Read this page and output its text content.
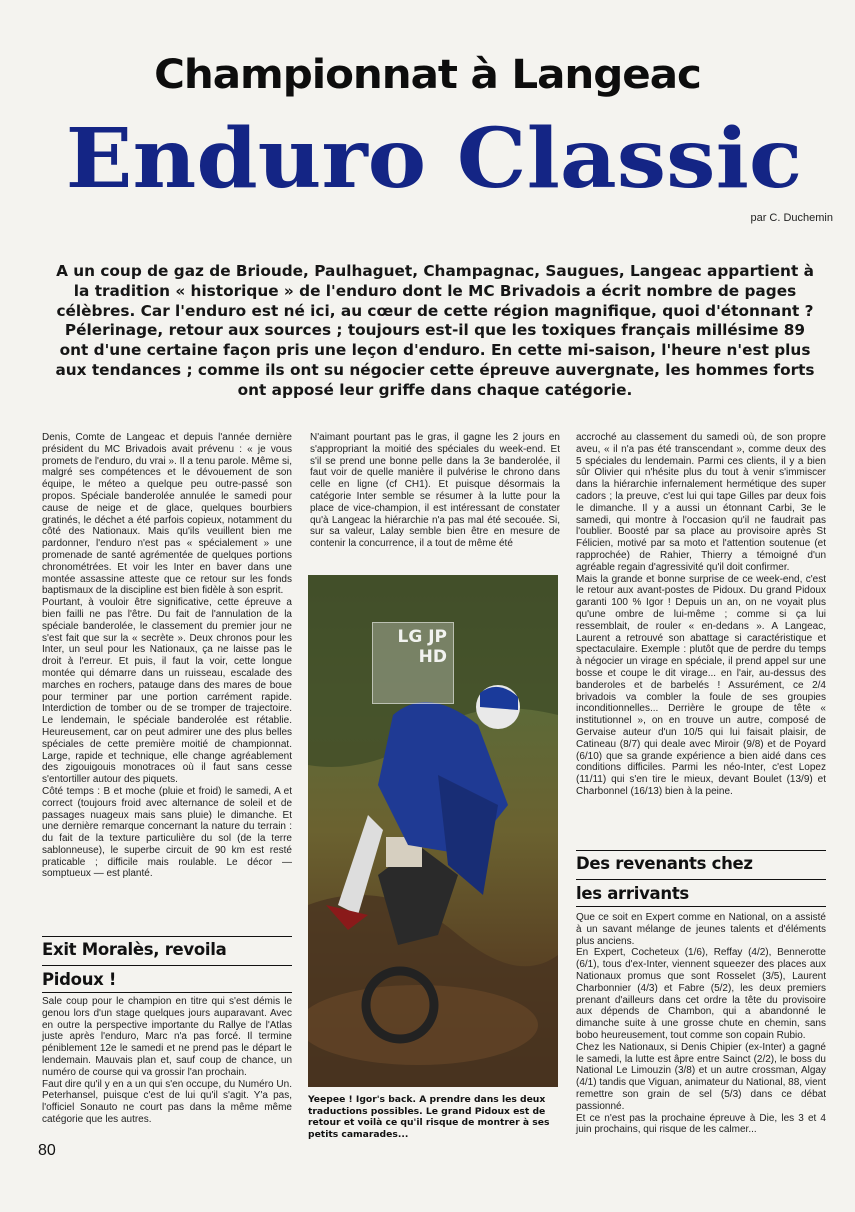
Championnat à Langeac
Enduro Classic
par C. Duchemin
A un coup de gaz de Brioude, Paulhaguet, Champagnac, Saugues, Langeac appartient à la tradition « historique » de l'enduro dont le MC Brivadois a écrit nombre de pages célèbres. Car l'enduro est né ici, au cœur de cette région magnifique, quoi d'étonnant ? Pélerinage, retour aux sources ; toujours est-il que les toxiques français millésime 89 ont d'une certaine façon pris une leçon d'enduro. En cette mi-saison, l'heure n'est plus aux tendances ; comme ils ont su négocier cette épreuve auvergnate, les hommes forts ont apposé leur griffe dans chaque catégorie.

Denis, Comte de Langeac et depuis l'année dernière président du MC Brivadois avait prévenu : « je vous promets de l'enduro, du vrai ». Il a tenu parole. Même si, malgré ses compétences et le dévouement de son équipe, le méteo a quelque peu outre-passé son propos. Spéciale banderolée annulée le samedi pour cause de neige et de glace, quelques bourbiers gratinés, le déchet a été parfois copieux, notamment du côté des Nationaux. Mais qu'ils veuillent bien me pardonner, l'enduro n'est pas « spécialement » une promenade de santé agrémentée de quelques portions chronométrées. Et voir les Inter en baver dans une montée assassine atteste que ce retour sur les fonds baptismaux de la discipline est bien fidèle à son esprit.

Pourtant, à vouloir être significative, cette épreuve a bien failli ne pas l'être. Du fait de l'annulation de la spéciale banderolée, le classement du premier jour ne s'est fait que sur la « secrète ». Deux chronos pour les Inter, un seul pour les Nationaux, ça ne laisse pas le droit à l'erreur. Et puis, il faut la voir, cette longue montée qui démarre dans un ruisseau, escalade des marches en rochers, patauge dans des mares de boue pour terminer par une portion carrément rapide. Interdiction de tomber ou de se tromper de trajectoire. Le lendemain, le spéciale banderolée est rétablie. Heureusement, car on peut admirer une des plus belles spéciales de cette première moitié de championnat. Large, rapide et technique, elle change agréablement des zigouigouis monotraces où il faut sans cesse s'entortiller autour des piquets.

Côté temps : B et moche (pluie et froid) le samedi, A et correct (toujours froid avec alternance de soleil et de passages nuageux mais sans pluie) le dimanche. Et une dernière remarque concernant la nature du terrain : du fait de la texture particulière du sol (de la terre sablonneuse), le superbe circuit de 90 km est resté praticable ; difficile mais roulable. Le décor — somptueux — est planté.

Exit Moralès, revoila
Pidoux !

Sale coup pour le champion en titre qui s'est démis le genou lors d'un stage quelques jours auparavant. Avec en outre la perspective importante du Rallye de l'Atlas juste après l'enduro, Marc n'a pas forcé. Il termine péniblement 12e le samedi et ne prend pas le départ le lendemain. Mauvais plan et, sauf coup de chance, un numéro de course qui va grossir l'an prochain.

Faut dire qu'il y en a un qui s'en occupe, du Numéro Un. Peterhansel, puisque c'est de lui qu'il s'agit. Y'a pas, l'officiel Sonauto ne court pas dans la même même catégorie que les autres.

N'aimant pourtant pas le gras, il gagne les 2 jours en s'appropriant la moitié des spéciales du week-end. Et s'il se prend une bonne pelle dans la 3e banderolée, il faut voir de quelle manière il pulvérise le chrono dans celle en ligne (cf CH1). Et puisque désormais la catégorie Inter semble se résumer à la lutte pour la place de vice-champion, il est intéressant de constater qu'à Langeac la hiérarchie n'a pas mal été secouée. Si, sur sa valeur, Lalay semble bien être en mesure de contenir la concurrence, il a tout de même été

LG JP HD
Yeepee ! Igor's back. A prendre dans les deux traductions possibles. Le grand Pidoux est de retour et voilà ce qu'il risque de montrer à ses petits camarades...

accroché au classement du samedi où, de son propre aveu, « il n'a pas été transcendant », comme deux des 5 spéciales du lendemain. Parmi ces clients, il y a bien sûr Olivier qui n'hésite plus du tout à venir s'immiscer dans la hiérarchie infernalement hermétique des super cadors ; la preuve, c'est lui qui tape Gilles par deux fois le dimanche. Il y a aussi un étonnant Carbi, 3e le samedi, qui montre à l'occasion qu'il ne faudrait pas l'oublier. Boosté par sa place au provisoire après St Félicien, motivé par sa moto et l'attention soutenue (et rapprochée) de Rahier, Thierry a témoigné d'un agréable regain d'agressivité qu'il doit confirmer.

Mais la grande et bonne surprise de ce week-end, c'est le retour aux avant-postes de Pidoux. Du grand Pidoux garanti 100 % Igor ! Depuis un an, on ne voyait plus qu'une ombre de lui-même ; comme si ça lui ressemblait, de rouler « en-dedans ». A Langeac, Laurent a retrouvé son abattage si caractéristique et spectaculaire. Exemple : plutôt que de perdre du temps à négocier un virage en spéciale, il prend appel sur une bosse et coupe le dit virage... en l'air, au-dessus des banderoles et de barbelés ! Assurément, ce 2/4 brivadois va combler la foule de ses groupies inconditionnelles... Derrière le groupe de tête « institutionnel », on en trouve un autre, composé de Gervaise auteur d'un 10/5 qui lui faisait plaisir, de Catineau (8/7) qui deale avec Miroir (9/8) et de Poyard (6/10) que sa grande expérience a bien aidé dans ces conditions difficiles. Parmi les néo-Inter, c'est Lopez (11/11) qui s'en tire le mieux, devant Boulet (13/9) et Charbonnel (16/13) bien à la peine.

Des revenants chez
les arrivants

Que ce soit en Expert comme en National, on a assisté à un savant mélange de jeunes talents et d'éléments plus anciens.

En Expert, Cocheteux (1/6), Reffay (4/2), Bennerotte (6/1), tous d'ex-Inter, viennent squeezer des places aux Nationaux promus que sont Rosselet (3/5), Laurent Charbonnier (4/3) et Fabre (5/2), les deux premiers prenant d'ailleurs dans cet ordre la tête du provisoire aux dépends de Chambon, qui a abandonné le dimanche suite à une grosse chute en chemin, sans bobo heureusement, tout comme son copain Rubio.

Chez les Nationaux, si Denis Chipier (ex-Inter) a gagné le samedi, la lutte est âpre entre Sainct (2/2), le boss du National Le Limouzin (3/8) et un autre crossman, Algay (4/1) tandis que Viguan, animateur du National, 88, vient remettre son grain de sel (5/3) dans ce débat passionné.

Et ce n'est pas la prochaine épreuve à Die, les 3 et 4 juin prochains, qui risque de les calmer...

80
